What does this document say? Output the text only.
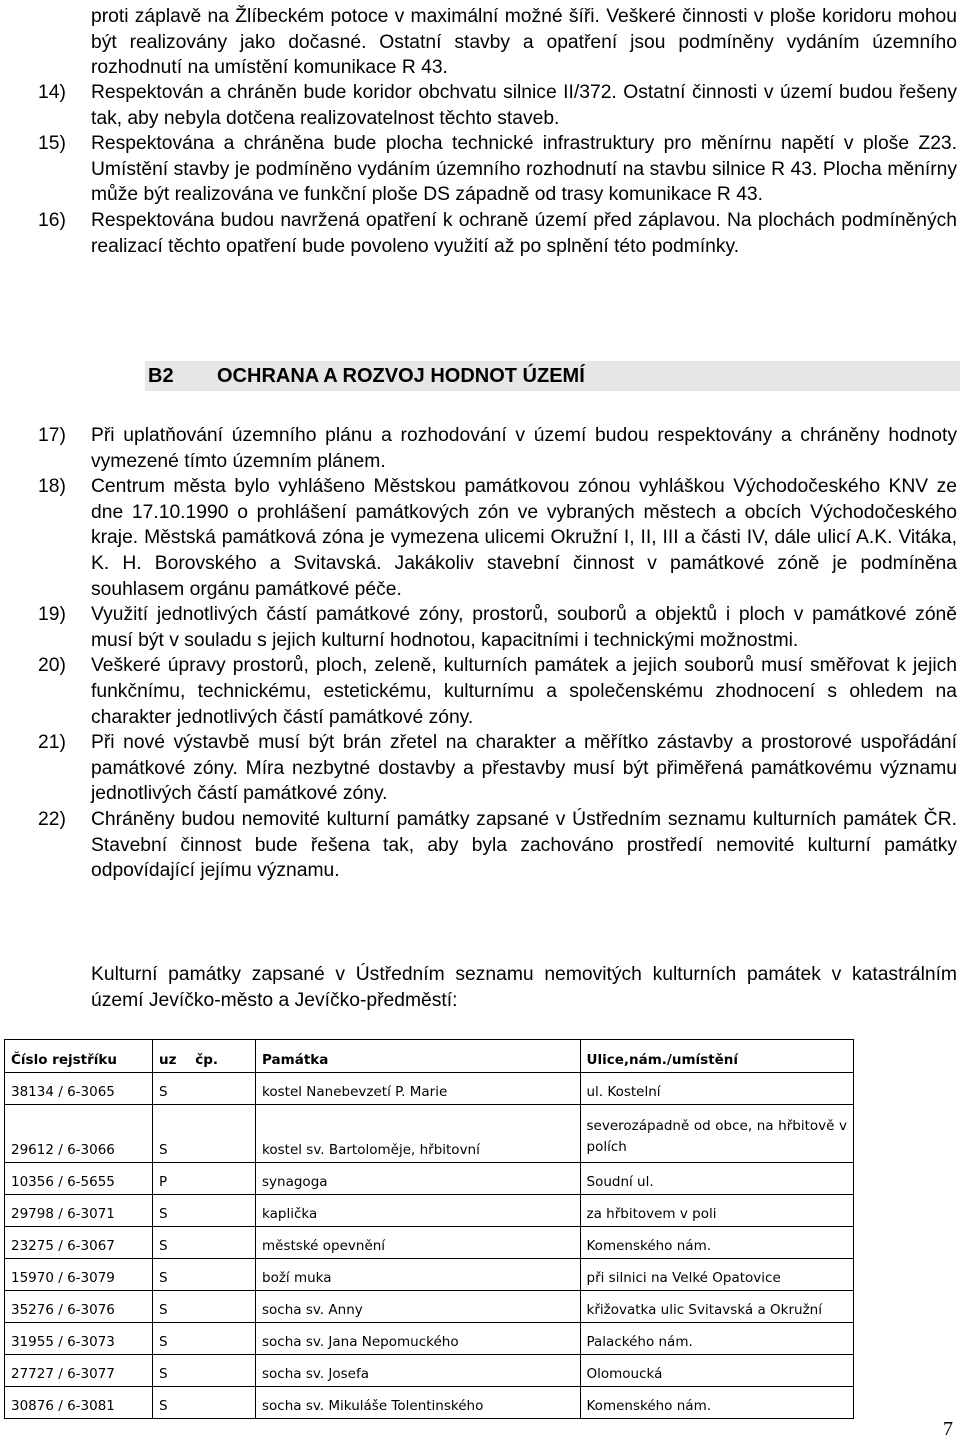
proti záplavě na Žlíbeckém potoce v maximální možné šíři. Veškeré činnosti v ploše koridoru mohou být realizovány jako dočasné. Ostatní stavby a opatření jsou podmíněny vydáním územního rozhodnutí na umístění komunikace R 43.

14) Respektován a chráněn bude koridor obchvatu silnice II/372. Ostatní činnosti v území budou řešeny tak, aby nebyla dotčena realizovatelnost těchto staveb.
15) Respektována a chráněna bude plocha technické infrastruktury pro měnírnu napětí v ploše Z23. Umístění stavby je podmíněno vydáním územního rozhodnutí na stavbu silnice R 43. Plocha měnírny může být realizována ve funkční ploše DS západně od trasy komunikace R 43.
16) Respektována budou navržená opatření k ochraně území před záplavou. Na plochách podmíněných realizací těchto opatření bude povoleno využití až po splnění této podmínky.
B2 OCHRANA A ROZVOJ HODNOT ÚZEMÍ
17) Při uplatňování územního plánu a rozhodování v území budou respektovány a chráněny hodnoty vymezené tímto územním plánem.
18) Centrum města bylo vyhlášeno Městskou památkovou zónou vyhláškou Východočeského KNV ze dne 17.10.1990 o prohlášení památkových zón ve vybraných městech a obcích Východočeského kraje. Městská památková zóna je vymezena ulicemi Okružní I, II, III a části IV, dále ulicí A.K. Vitáka, K. H. Borovského a Svitavská. Jakákoliv stavební činnost v památkové zóně je podmíněna souhlasem orgánu památkové péče.
19) Využití jednotlivých částí památkové zóny, prostorů, souborů a objektů i ploch v památkové zóně musí být v souladu s jejich kulturní hodnotou, kapacitními i technickými možnostmi.
20) Veškeré úpravy prostorů, ploch, zeleně, kulturních památek a jejich souborů musí směřovat k jejich funkčnímu, technickému, estetickému, kulturnímu a společenskému zhodnocení s ohledem na charakter jednotlivých částí památkové zóny.
21) Při nové výstavbě musí být brán zřetel na charakter a měřítko zástavby a prostorové uspořádání památkové zóny. Míra nezbytné dostavby a přestavby musí být přiměřená památkovému významu jednotlivých částí památkové zóny.
22) Chráněny budou nemovité kulturní památky zapsané v Ústředním seznamu kulturních památek ČR. Stavební činnost bude řešena tak, aby byla zachováno prostředí nemovité kulturní památky odpovídající jejímu významu.
Kulturní památky zapsané v Ústředním seznamu nemovitých kulturních památek v katastrálním území Jevíčko-město a Jevíčko-předměstí:
Číslo rejstříku	uz čp.	Památka	Ulice,nám./umístění
38134 / 6-3065	S	kostel Nanebevzetí P. Marie	ul. Kostelní
29612 / 6-3066	S	kostel sv. Bartoloměje, hřbitovní	severozápadně od obce, na hřbitově v polích
10356 / 6-5655	P	synagoga	Soudní ul.
29798 / 6-3071	S	kaplička	za hřbitovem v poli
23275 / 6-3067	S	městské opevnění	Komenského nám.
15970 / 6-3079	S	boží muka	při silnici na Velké Opatovice
35276 / 6-3076	S	socha sv. Anny	křižovatka ulic Svitavská a Okružní
31955 / 6-3073	S	socha sv. Jana Nepomuckého	Palackého nám.
27727 / 6-3077	S	socha sv. Josefa	Olomoucká
30876 / 6-3081	S	socha sv. Mikuláše Tolentinského	Komenského nám.
7
